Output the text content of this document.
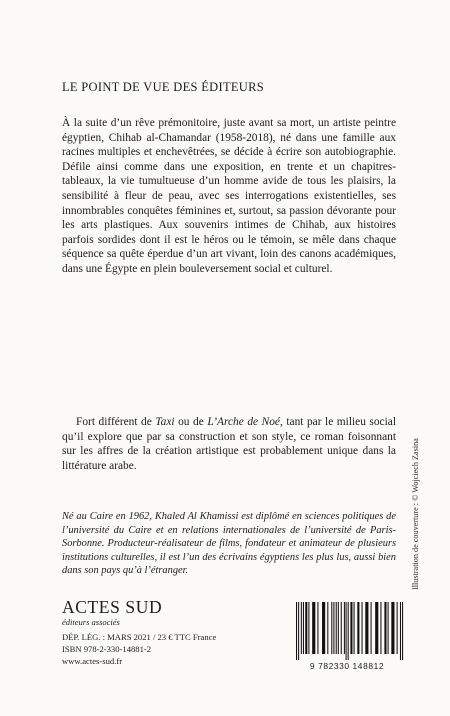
LE POINT DE VUE DES ÉDITEURS

À la suite d’un rêve prémonitoire, juste avant sa mort, un artiste peintre égyptien, Chihab al-Chamandar (1958-2018), né dans une famille aux racines multiples et enchevêtrées, se décide à écrire son autobiographie. Défile ainsi comme dans une exposition, en trente et un chapitres-tableaux, la vie tumultueuse d’un homme avide de tous les plaisirs, la sensibilité à fleur de peau, avec ses interrogations existentielles, ses innombrables conquêtes féminines et, surtout, sa passion dévorante pour les arts plastiques. Aux souvenirs intimes de Chihab, aux histoires parfois sordides dont il est le héros ou le témoin, se mêle dans chaque séquence sa quête éperdue d’un art vivant, loin des canons académiques, dans une Égypte en plein bouleversement social et culturel.

Fort différent de Taxi ou de L’Arche de Noé, tant par le milieu social qu’il explore que par sa construction et son style, ce roman foisonnant sur les affres de la création artistique est probablement unique dans la littérature arabe.

Né au Caire en 1962, Khaled Al Khamissi est diplômé en sciences politiques de l’université du Caire et en relations internationales de l’université de Paris-Sorbonne. Producteur-réalisateur de films, fondateur et animateur de plusieurs institutions culturelles, il est l’un des écrivains égyptiens les plus lus, aussi bien dans son pays qu’à l’étranger.

ACTES SUD

éditeurs associés

DÉP. LÉG. : MARS 2021 / 23 € TTC France

ISBN 978-2-330-14881-2

www.actes-sud.fr	9 782330 148812
Illustration de couverture : © Wojciech Zasina
